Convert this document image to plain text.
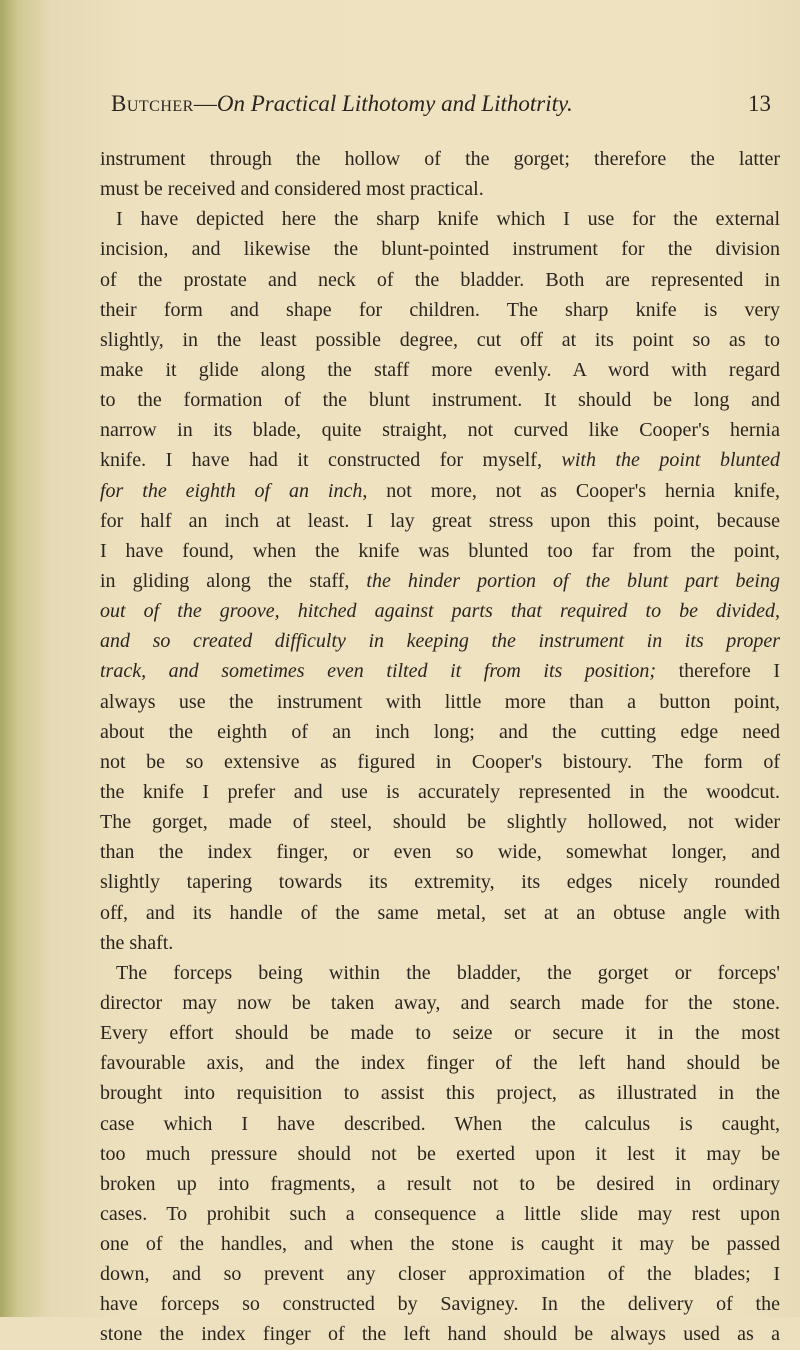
Butcher—On Practical Lithotomy and Lithotrity.	13
instrument through the hollow of the gorget; therefore the latter
must be received and considered most practical.
I have depicted here the sharp knife which I use for the external
incision, and likewise the blunt-pointed instrument for the division
of the prostate and neck of the bladder. Both are represented in
their form and shape for children. The sharp knife is very
slightly, in the least possible degree, cut off at its point so as to
make it glide along the staff more evenly. A word with regard
to the formation of the blunt instrument. It should be long and
narrow in its blade, quite straight, not curved like Cooper's hernia
knife. I have had it constructed for myself, with the point blunted
for the eighth of an inch, not more, not as Cooper's hernia knife,
for half an inch at least. I lay great stress upon this point, because
I have found, when the knife was blunted too far from the point,
in gliding along the staff, the hinder portion of the blunt part being
out of the groove, hitched against parts that required to be divided,
and so created difficulty in keeping the instrument in its proper
track, and sometimes even tilted it from its position; therefore I
always use the instrument with little more than a button point,
about the eighth of an inch long; and the cutting edge need
not be so extensive as figured in Cooper's bistoury. The form of
the knife I prefer and use is accurately represented in the woodcut.
The gorget, made of steel, should be slightly hollowed, not wider
than the index finger, or even so wide, somewhat longer, and
slightly tapering towards its extremity, its edges nicely rounded
off, and its handle of the same metal, set at an obtuse angle with
the shaft.
The forceps being within the bladder, the gorget or forceps'
director may now be taken away, and search made for the stone.
Every effort should be made to seize or secure it in the most
favourable axis, and the index finger of the left hand should be
brought into requisition to assist this project, as illustrated in the
case which I have described. When the calculus is caught,
too much pressure should not be exerted upon it lest it may be
broken up into fragments, a result not to be desired in ordinary
cases. To prohibit such a consequence a little slide may rest upon
one of the handles, and when the stone is caught it may be passed
down, and so prevent any closer approximation of the blades; I
have forceps so constructed by Savigney. In the delivery of the
stone the index finger of the left hand should be always used as a
